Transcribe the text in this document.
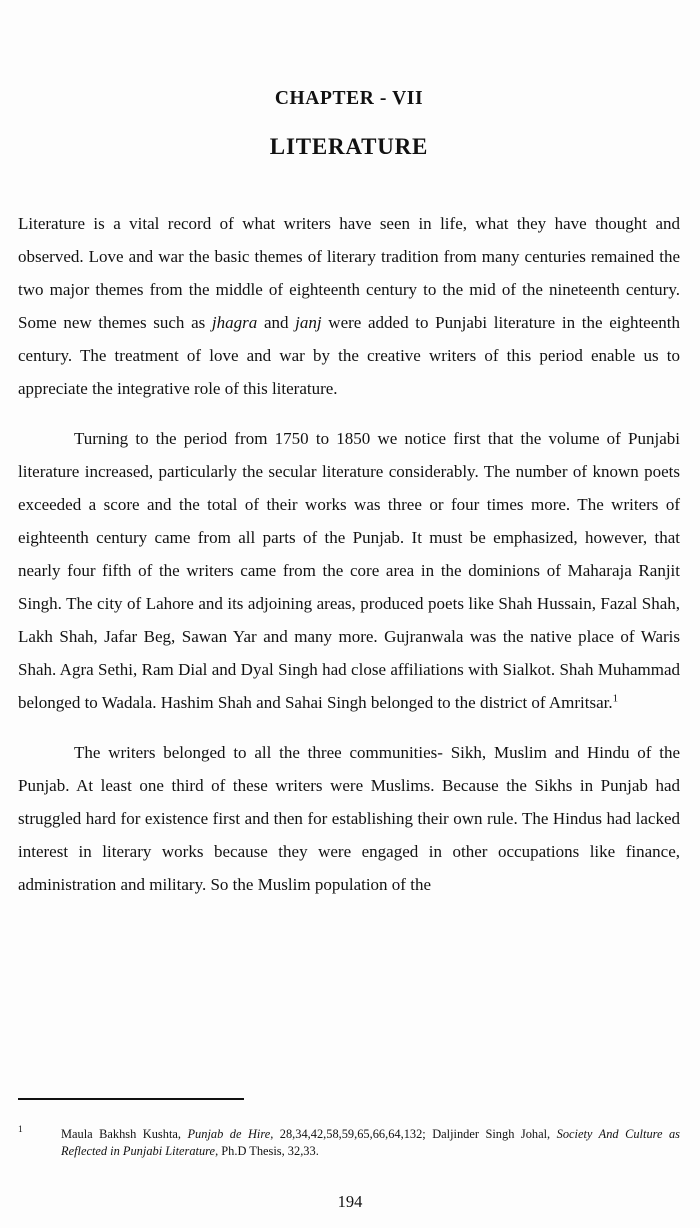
CHAPTER - VII
LITERATURE

Literature is a vital record of what writers have seen in life, what they have thought and observed. Love and war the basic themes of literary tradition from many centuries remained the two major themes from the middle of eighteenth century to the mid of the nineteenth century. Some new themes such as jhagra and janj were added to Punjabi literature in the eighteenth century. The treatment of love and war by the creative writers of this period enable us to appreciate the integrative role of this literature.

Turning to the period from 1750 to 1850 we notice first that the volume of Punjabi literature increased, particularly the secular literature considerably. The number of known poets exceeded a score and the total of their works was three or four times more. The writers of eighteenth century came from all parts of the Punjab. It must be emphasized, however, that nearly four fifth of the writers came from the core area in the dominions of Maharaja Ranjit Singh. The city of Lahore and its adjoining areas, produced poets like Shah Hussain, Fazal Shah, Lakh Shah, Jafar Beg, Sawan Yar and many more. Gujranwala was the native place of Waris Shah. Agra Sethi, Ram Dial and Dyal Singh had close affiliations with Sialkot. Shah Muhammad belonged to Wadala. Hashim Shah and Sahai Singh belonged to the district of Amritsar.$^1$

The writers belonged to all the three communities- Sikh, Muslim and Hindu of the Punjab. At least one third of these writers were Muslims. Because the Sikhs in Punjab had struggled hard for existence first and then for establishing their own rule. The Hindus had lacked interest in literary works because they were engaged in other occupations like finance, administration and military. So the Muslim population of the

1	Maula Bakhsh Kushta, Punjab de Hire, 28,34,42,58,59,65,66,64,132; Daljinder Singh Johal, Society And Culture as Reflected in Punjabi Literature, Ph.D Thesis, 32,33.
194
